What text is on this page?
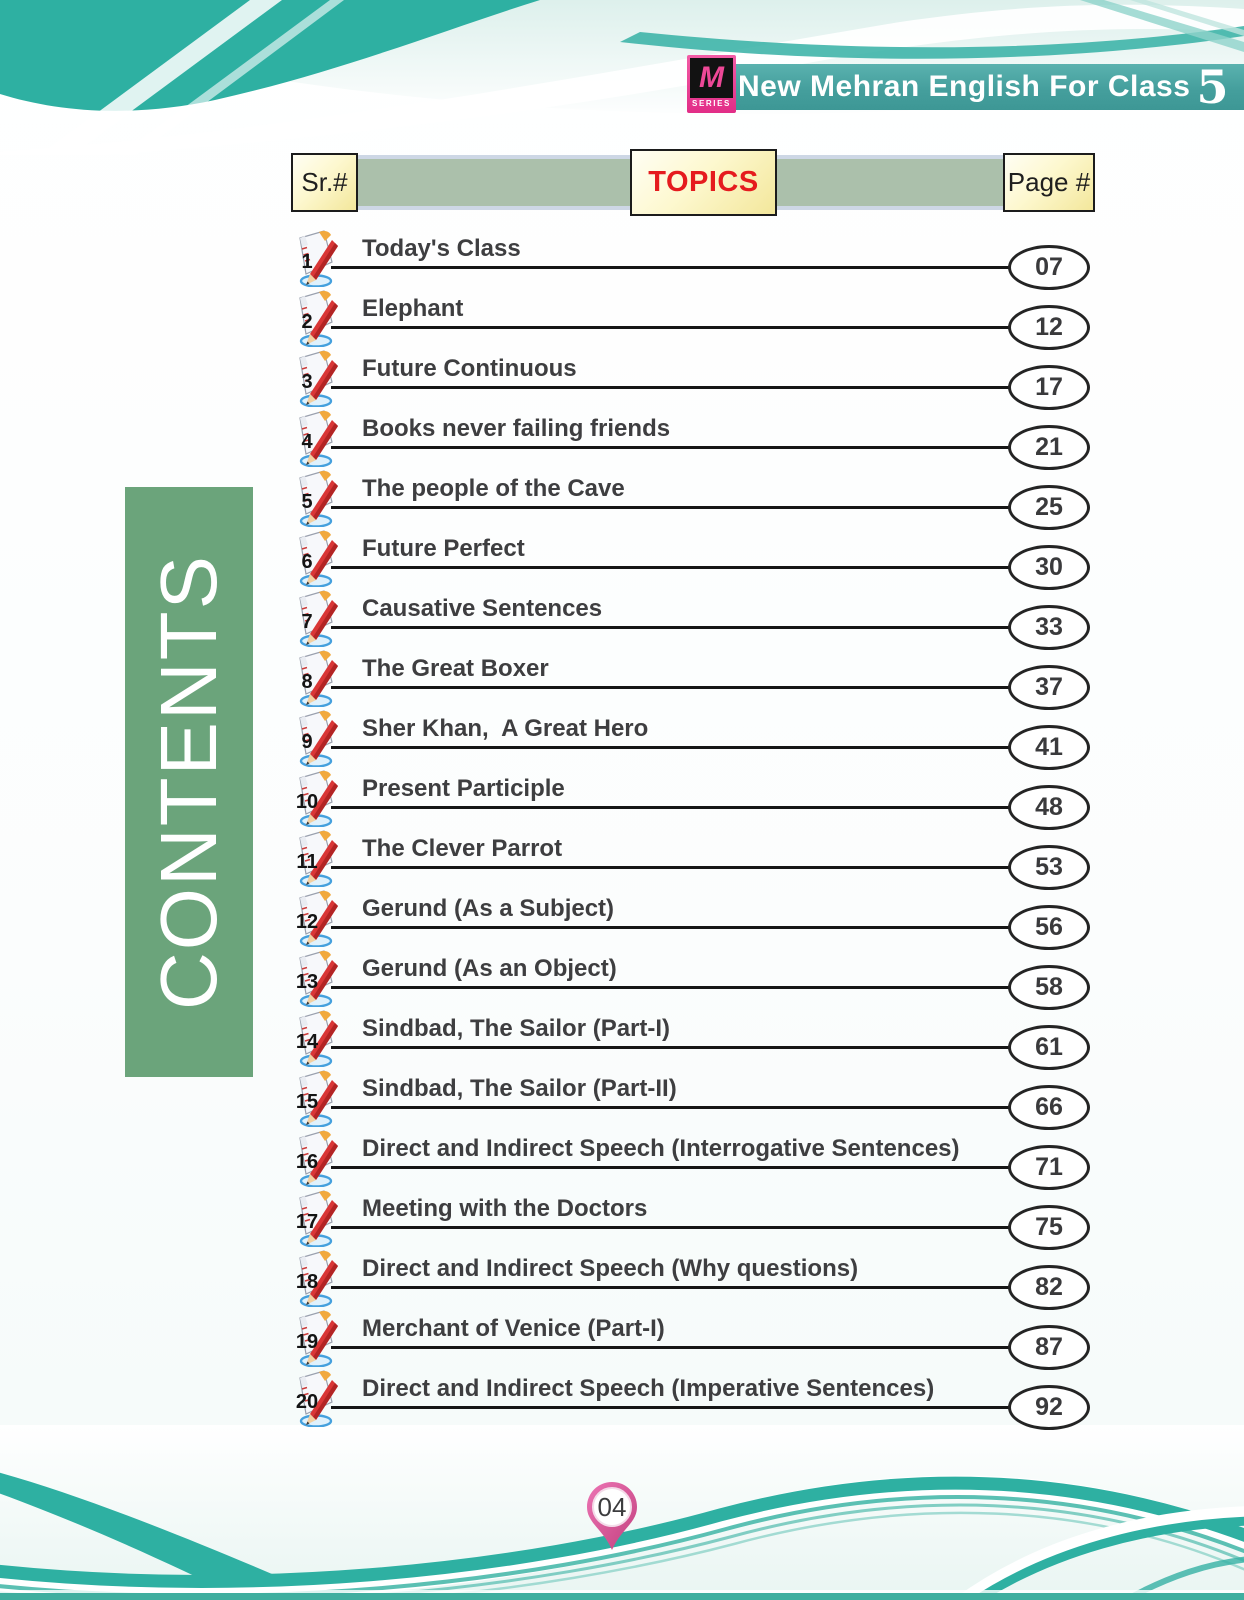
M
SERIES
New Mehran English For Class 5
Sr.#	TOPICS	Page #
CONTENTS
1 Today's Class
07
2 Elephant
12
3 Future Continuous
17
4 Books never failing friends
21
5 The people of the Cave
25
6 Future Perfect
30
7 Causative Sentences
33
8 The Great Boxer
37
9 Sher Khan,  A Great Hero
41
10 Present Participle
48
11 The Clever Parrot
53
12 Gerund (As a Subject)
56
13 Gerund (As an Object)
58
14 Sindbad, The Sailor (Part-I)
61
15 Sindbad, The Sailor (Part-II)
66
16 Direct and Indirect Speech (Interrogative Sentences)
71
17 Meeting with the Doctors
75
18 Direct and Indirect Speech (Why questions)
82
19 Merchant of Venice (Part-I)
87
20 Direct and Indirect Speech (Imperative Sentences)
92
04
